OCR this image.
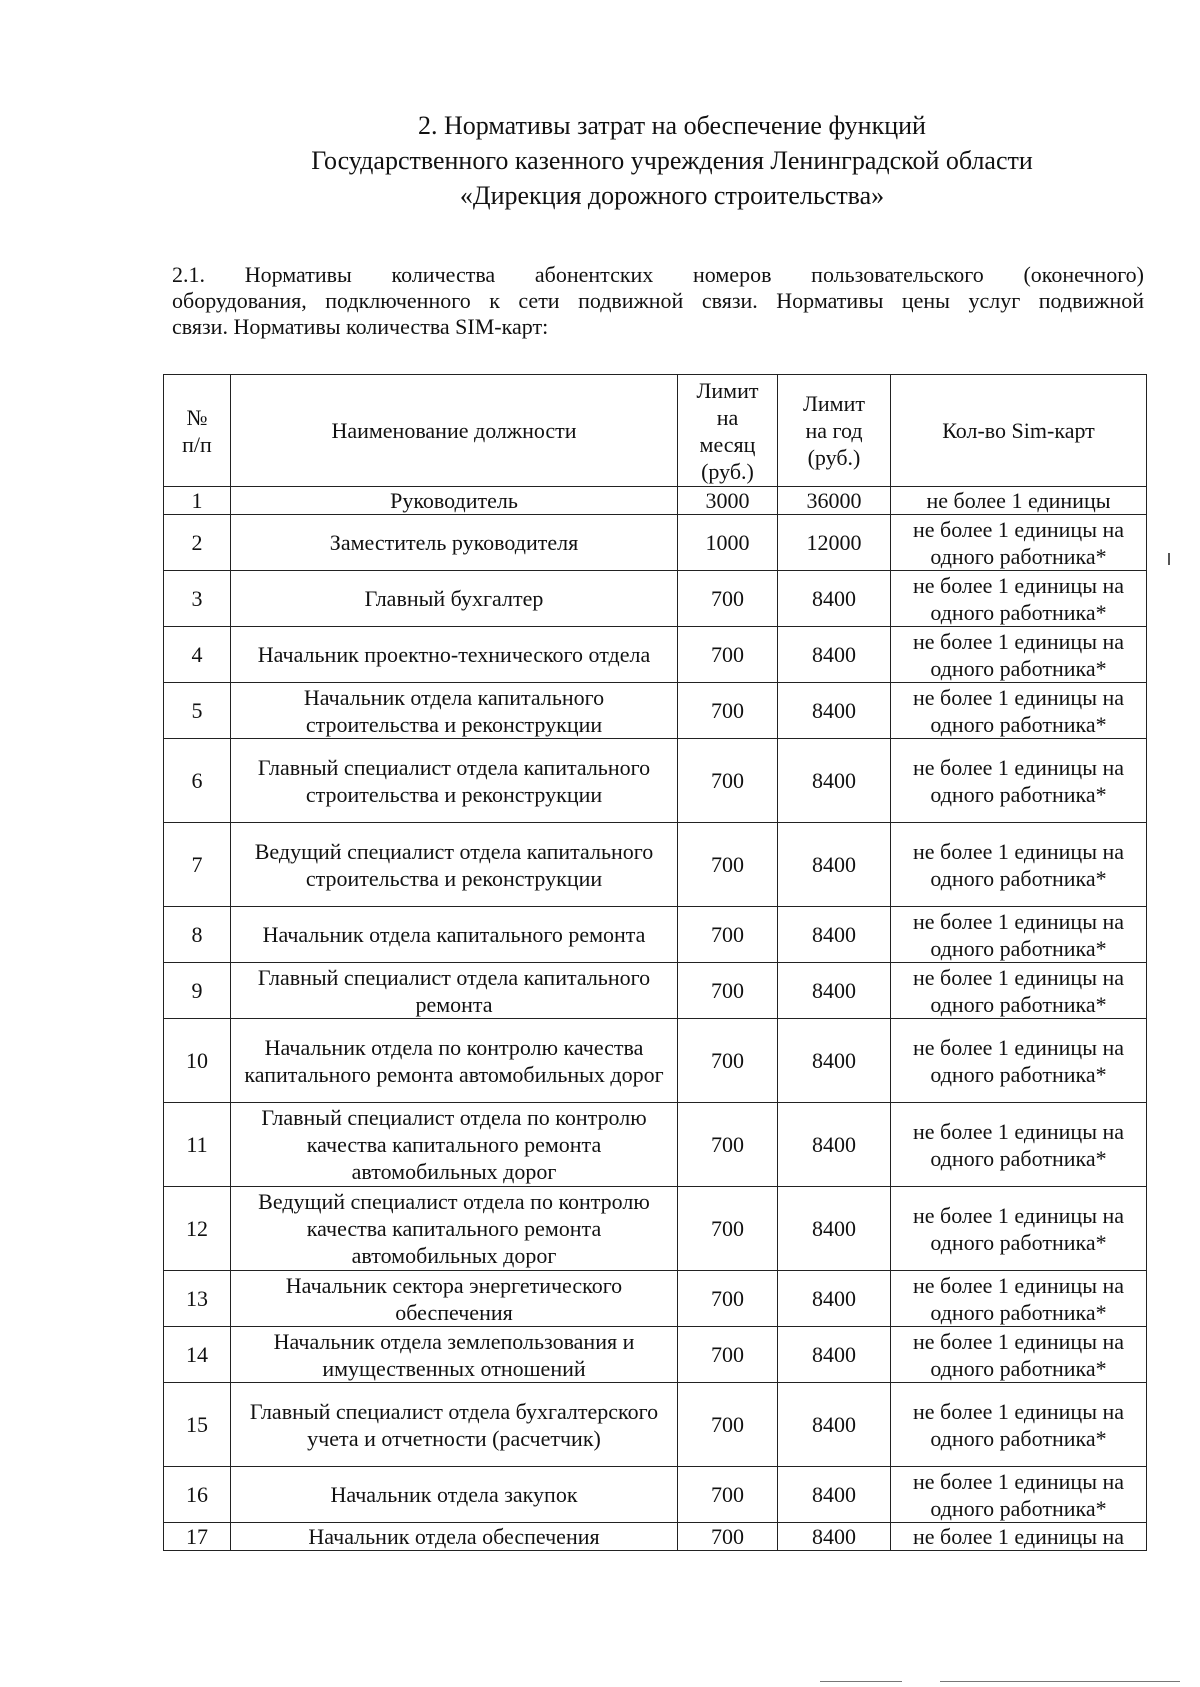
2. Нормативы затрат на обеспечение функций
Государственного казенного учреждения Ленинградской области
«Дирекция дорожного строительства»
2.1. Нормативы количества абонентских номеров пользовательского (оконечного)
оборудования, подключенного к сети подвижной связи. Нормативы цены услуг подвижной
связи. Нормативы количества SIM-карт:
№ п/п	Наименование должности	Лимит на месяц (руб.)	Лимит на год (руб.)	Кол-во Sim-карт
1	Руководитель	3000	36000	не более 1 единицы
2	Заместитель руководителя	1000	12000	не более 1 единицы на одного работника*
3	Главный бухгалтер	700	8400	не более 1 единицы на одного работника*
4	Начальник проектно-технического отдела	700	8400	не более 1 единицы на одного работника*
5	Начальник отдела капитального строительства и реконструкции	700	8400	не более 1 единицы на одного работника*
6	Главный специалист отдела капитального строительства и реконструкции	700	8400	не более 1 единицы на одного работника*
7	Ведущий специалист отдела капитального строительства и реконструкции	700	8400	не более 1 единицы на одного работника*
8	Начальник отдела капитального ремонта	700	8400	не более 1 единицы на одного работника*
9	Главный специалист отдела капитального ремонта	700	8400	не более 1 единицы на одного работника*
10	Начальник отдела по контролю качества капитального ремонта автомобильных дорог	700	8400	не более 1 единицы на одного работника*
11	Главный специалист отдела по контролю качества капитального ремонта автомобильных дорог	700	8400	не более 1 единицы на одного работника*
12	Ведущий специалист отдела по контролю качества капитального ремонта автомобильных дорог	700	8400	не более 1 единицы на одного работника*
13	Начальник сектора энергетического обеспечения	700	8400	не более 1 единицы на одного работника*
14	Начальник отдела землепользования и имущественных отношений	700	8400	не более 1 единицы на одного работника*
15	Главный специалист отдела бухгалтерского учета и отчетности (расчетчик)	700	8400	не более 1 единицы на одного работника*
16	Начальник отдела закупок	700	8400	не более 1 единицы на одного работника*
17	Начальник отдела обеспечения	700	8400	не более 1 единицы на
